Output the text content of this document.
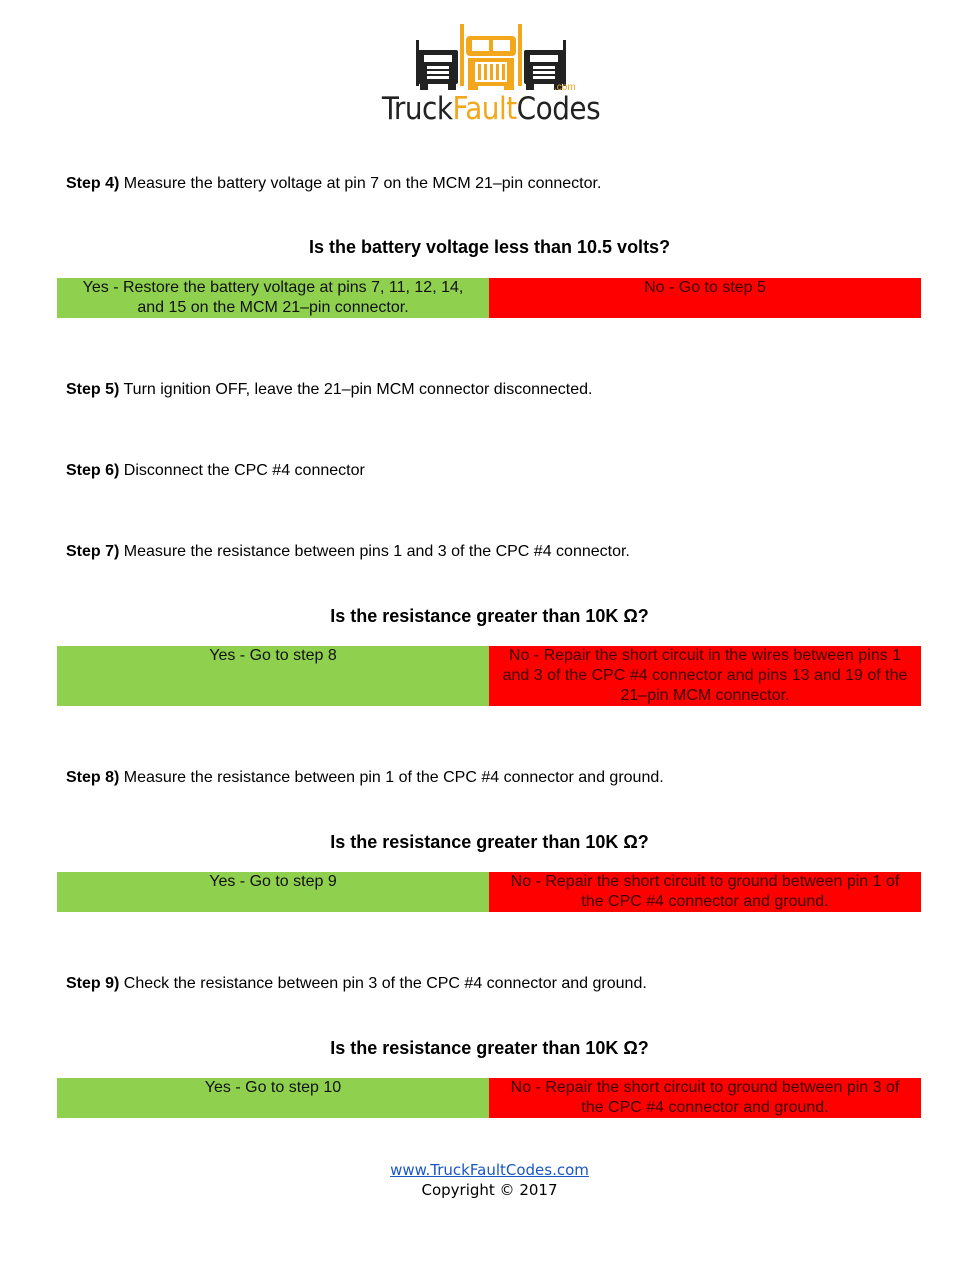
TruckFaultCodes
.com
Step 4) Measure the battery voltage at pin 7 on the MCM 21–pin connector.
Is the battery voltage less than 10.5 volts?
Yes - Restore the battery voltage at pins 7, 11, 12, 14, and 15 on the MCM 21–pin connector.
No - Go to step 5
Step 5) Turn ignition OFF, leave the 21–pin MCM connector disconnected.
Step 6) Disconnect the CPC #4 connector
Step 7) Measure the resistance between pins 1 and 3 of the CPC #4 connector.
Is the resistance greater than 10K Ω?
Yes - Go to step 8	No - Repair the short circuit in the wires between pins 1 and 3 of the CPC #4 connector and pins 13 and 19 of the 21–pin MCM connector.
Step 8) Measure the resistance between pin 1 of the CPC #4 connector and ground.
Is the resistance greater than 10K Ω?
Yes - Go to step 9	No - Repair the short circuit to ground between pin 1 of the CPC #4 connector and ground.
Step 9) Check the resistance between pin 3 of the CPC #4 connector and ground.
Is the resistance greater than 10K Ω?
Yes - Go to step 10	No - Repair the short circuit to ground between pin 3 of the CPC #4 connector and ground.
www.TruckFaultCodes.com
Copyright © 2017
